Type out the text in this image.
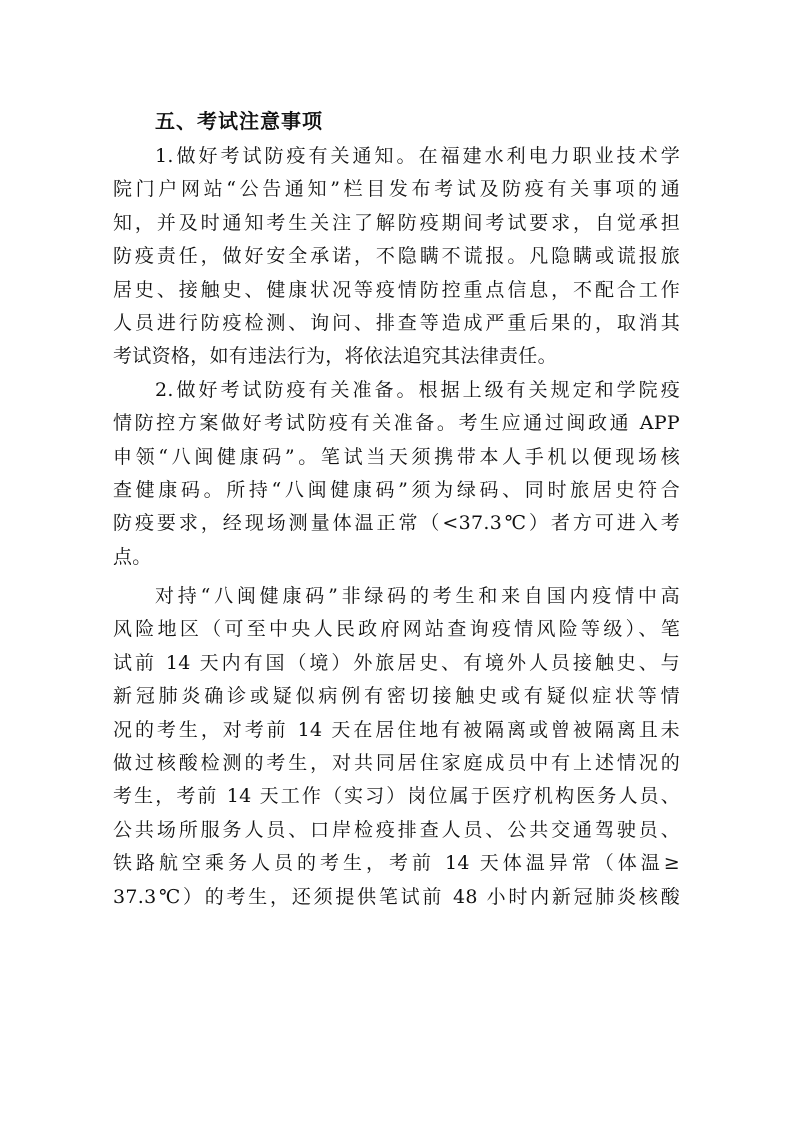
五、考试注意事项
1.做好考试防疫有关通知。在福建水利电力职业技术学
院门户网站“公告通知”栏目发布考试及防疫有关事项的通
知，并及时通知考生关注了解防疫期间考试要求，自觉承担
防疫责任，做好安全承诺，不隐瞒不谎报。凡隐瞒或谎报旅
居史、接触史、健康状况等疫情防控重点信息，不配合工作
人员进行防疫检测、询问、排查等造成严重后果的，取消其
考试资格，如有违法行为，将依法追究其法律责任。
2.做好考试防疫有关准备。根据上级有关规定和学院疫
情防控方案做好考试防疫有关准备。考生应通过闽政通 APP
申领“八闽健康码”。笔试当天须携带本人手机以便现场核
查健康码。所持“八闽健康码”须为绿码、同时旅居史符合
防疫要求，经现场测量体温正常（<37.3℃）者方可进入考
点。
对持“八闽健康码”非绿码的考生和来自国内疫情中高
风险地区（可至中央人民政府网站查询疫情风险等级）、笔
试前 14 天内有国（境）外旅居史、有境外人员接触史、与
新冠肺炎确诊或疑似病例有密切接触史或有疑似症状等情
况的考生，对考前 14 天在居住地有被隔离或曾被隔离且未
做过核酸检测的考生，对共同居住家庭成员中有上述情况的
考生，考前 14 天工作（实习）岗位属于医疗机构医务人员、
公共场所服务人员、口岸检疫排查人员、公共交通驾驶员、
铁路航空乘务人员的考生，考前 14 天体温异常（体温≥
37.3℃）的考生，还须提供笔试前 48 小时内新冠肺炎核酸
